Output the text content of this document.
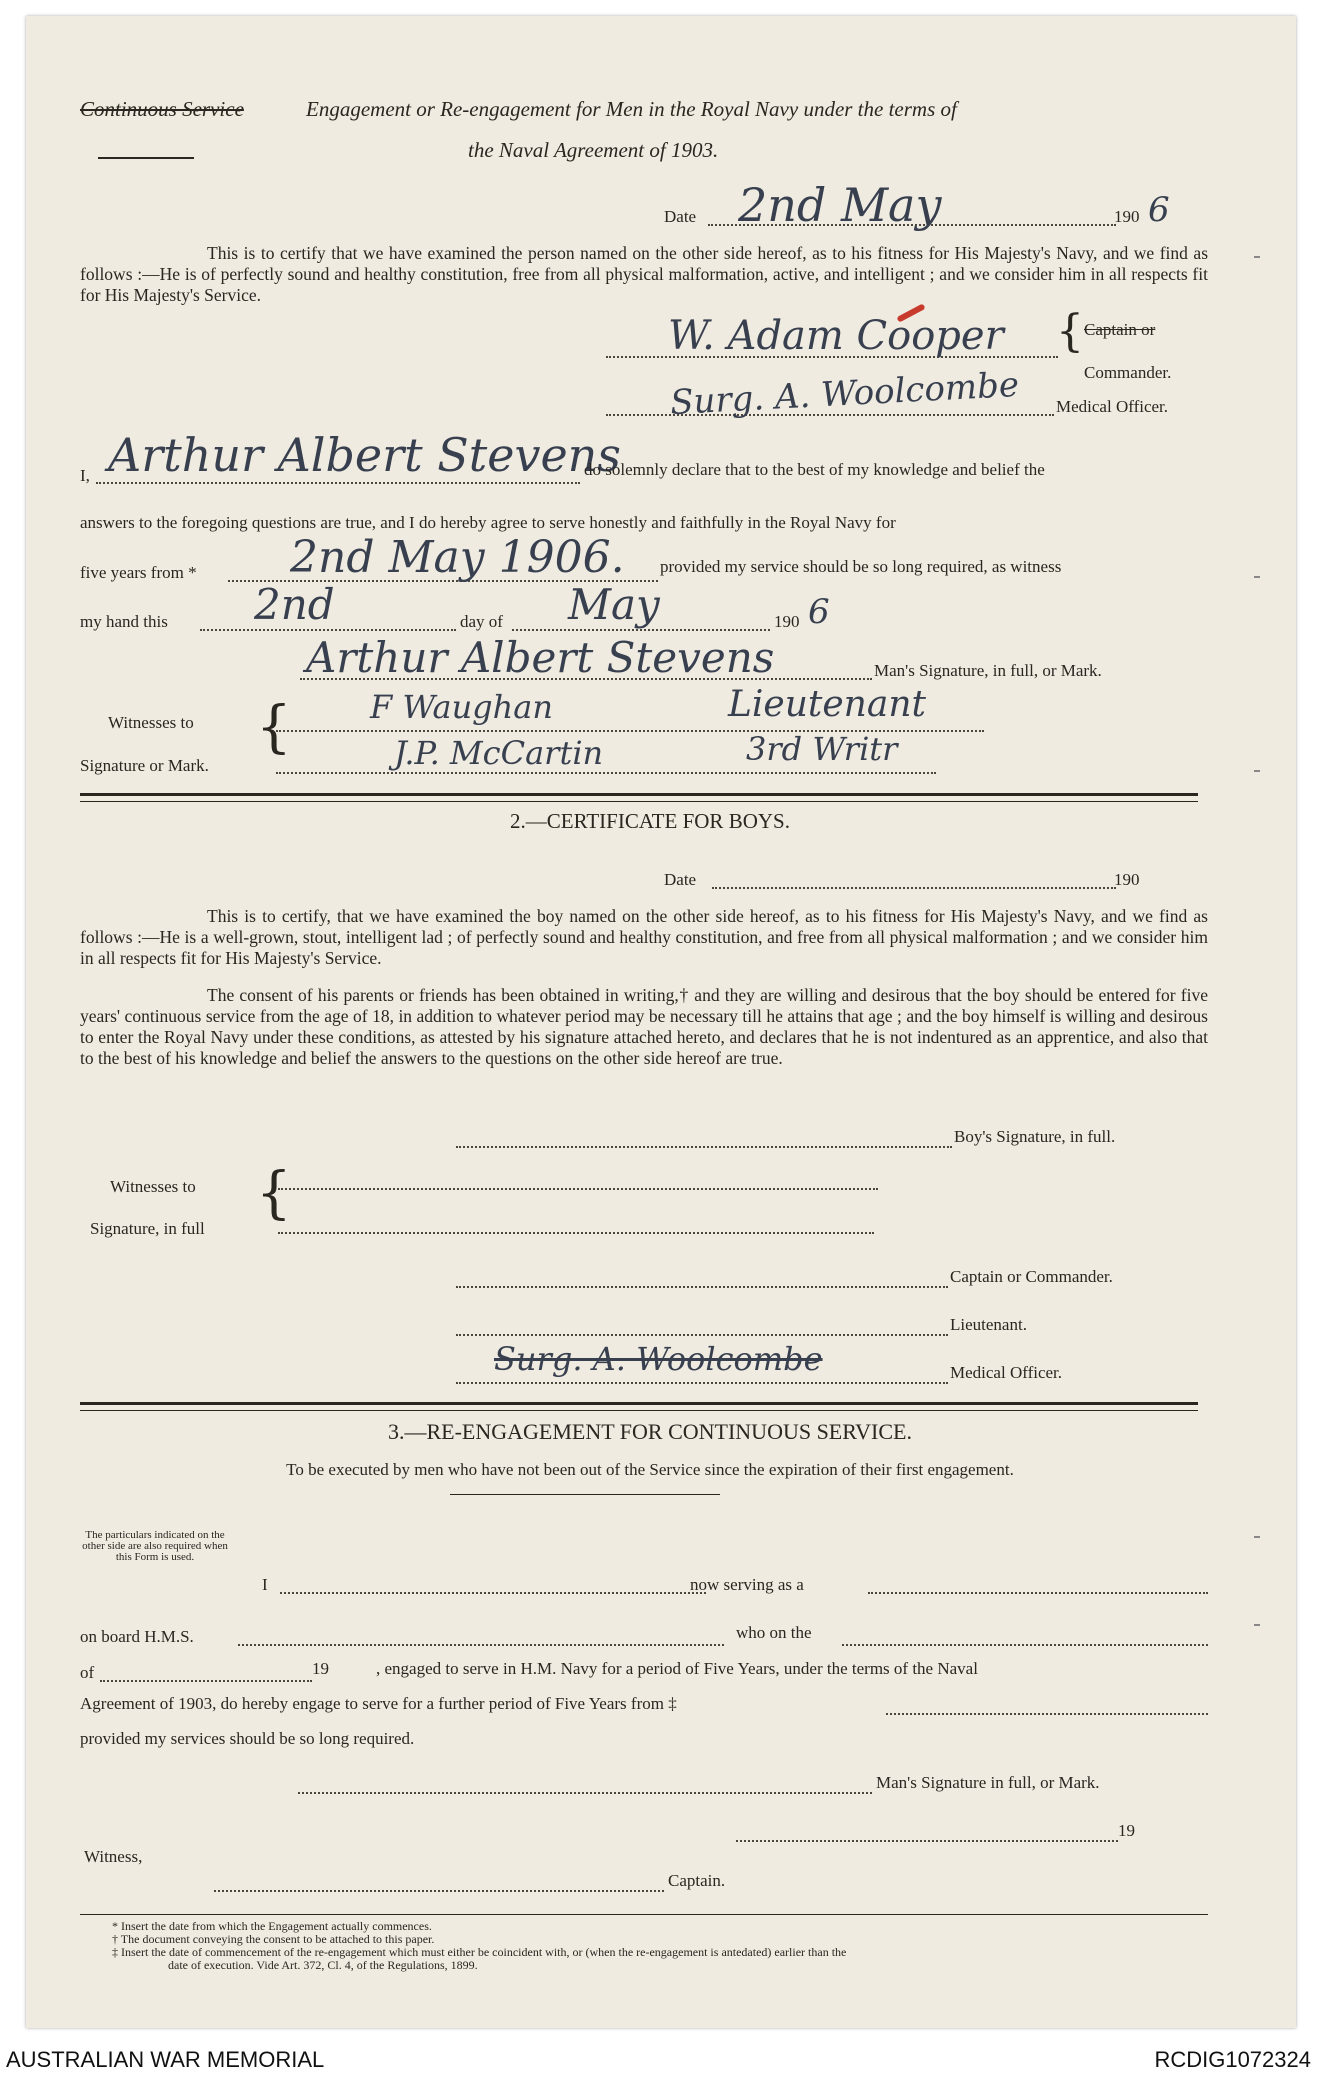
Continuous Service	Engagement or Re-engagement for Men in the Royal Navy under the terms of
the Naval Agreement of 1903.
Date 2nd May	190 6
This is to certify that we have examined the person named on the other side hereof, as to his fitness for His Majesty's Navy, and we find as follows :—He is of perfectly sound and healthy constitution, free from all physical malformation, active, and intelligent ; and we consider him in all respects fit for His Majesty's Service.
W. Adam Cooper { Captain or
Commander.
Surg. A. Woolcombe Medical Officer.
I, Arthur Albert Stevens
do solemnly declare that to the best of my knowledge and belief the
answers to the foregoing questions are true, and I do hereby agree to serve honestly and faithfully in the Royal Navy for
five years from * 2nd May 1906. provided my service should be so long required, as witness
my hand this 2nd	day of May	190 6
Arthur Albert Stevens	Man's Signature, in full, or Mark.
Witnesses to
Signature or Mark.
{ F Waughan	Lieutenant
J.P. McCartin	3rd Writr
2.—CERTIFICATE FOR BOYS.
Date	190
This is to certify, that we have examined the boy named on the other side hereof, as to his fitness for His Majesty's Navy, and we find as follows :—He is a well-grown, stout, intelligent lad ; of perfectly sound and healthy constitution, and free from all physical malformation ; and we consider him in all respects fit for His Majesty's Service.
The consent of his parents or friends has been obtained in writing,† and they are willing and desirous that the boy should be entered for five years' continuous service from the age of 18, in addition to whatever period may be necessary till he attains that age ; and the boy himself is willing and desirous to enter the Royal Navy under these conditions, as attested by his signature attached hereto, and declares that he is not indentured as an apprentice, and also that to the best of his knowledge and belief the answers to the questions on the other side hereof are true.
Boy's Signature, in full.
Witnesses to
Signature, in full
{
Captain or Commander.
Lieutenant.
Surg. A. Woolcombe	Medical Officer.
3.—RE-ENGAGEMENT FOR CONTINUOUS SERVICE.
To be executed by men who have not been out of the Service since the expiration of their first engagement.
The particulars indicated on the other side are also required when this Form is used.
I	now serving as a
on board H.M.S.	who on the
of	19	, engaged to serve in H.M. Navy for a period of Five Years, under the terms of the Naval
Agreement of 1903, do hereby engage to serve for a further period of Five Years from ‡
provided my services should be so long required.
Man's Signature in full, or Mark.
19
Witness,
Captain.
* Insert the date from which the Engagement actually commences.
† The document conveying the consent to be attached to this paper.
‡ Insert the date of commencement of the re-engagement which must either be coincident with, or (when the re-engagement is antedated) earlier than the
date of execution. Vide Art. 372, Cl. 4, of the Regulations, 1899.
AUSTRALIAN WAR MEMORIAL	RCDIG1072324
